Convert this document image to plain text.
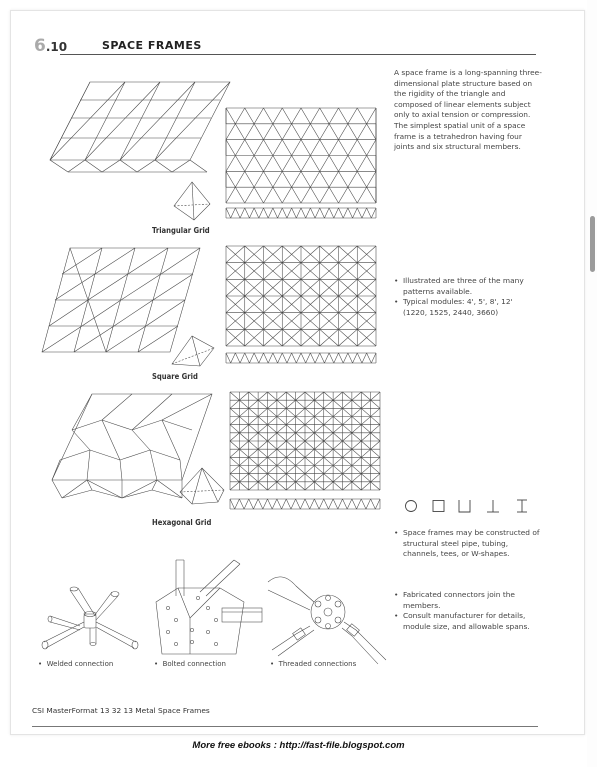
6.10	SPACE FRAMES
A space frame is a long-spanning three-dimensional plate structure based on the rigidity of the triangle and composed of linear elements subject only to axial tension or compression. The simplest spatial unit of a space frame is a tetrahedron having four joints and six structural members.
Triangular Grid
Square Grid
• Illustrated are three of the many patterns available.
• Typical modules: 4', 5', 8', 12' (1220, 1525, 2440, 3660)
Hexagonal Grid
• Space frames may be constructed of structural steel pipe, tubing, channels, tees, or W-shapes.
• Fabricated connectors join the members.
• Consult manufacturer for details, module size, and allowable spans.
•  Welded connection	•  Bolted connection	•  Threaded connections
CSI MasterFormat 13 32 13 Metal Space Frames
More free ebooks : http://fast-file.blogspot.com
